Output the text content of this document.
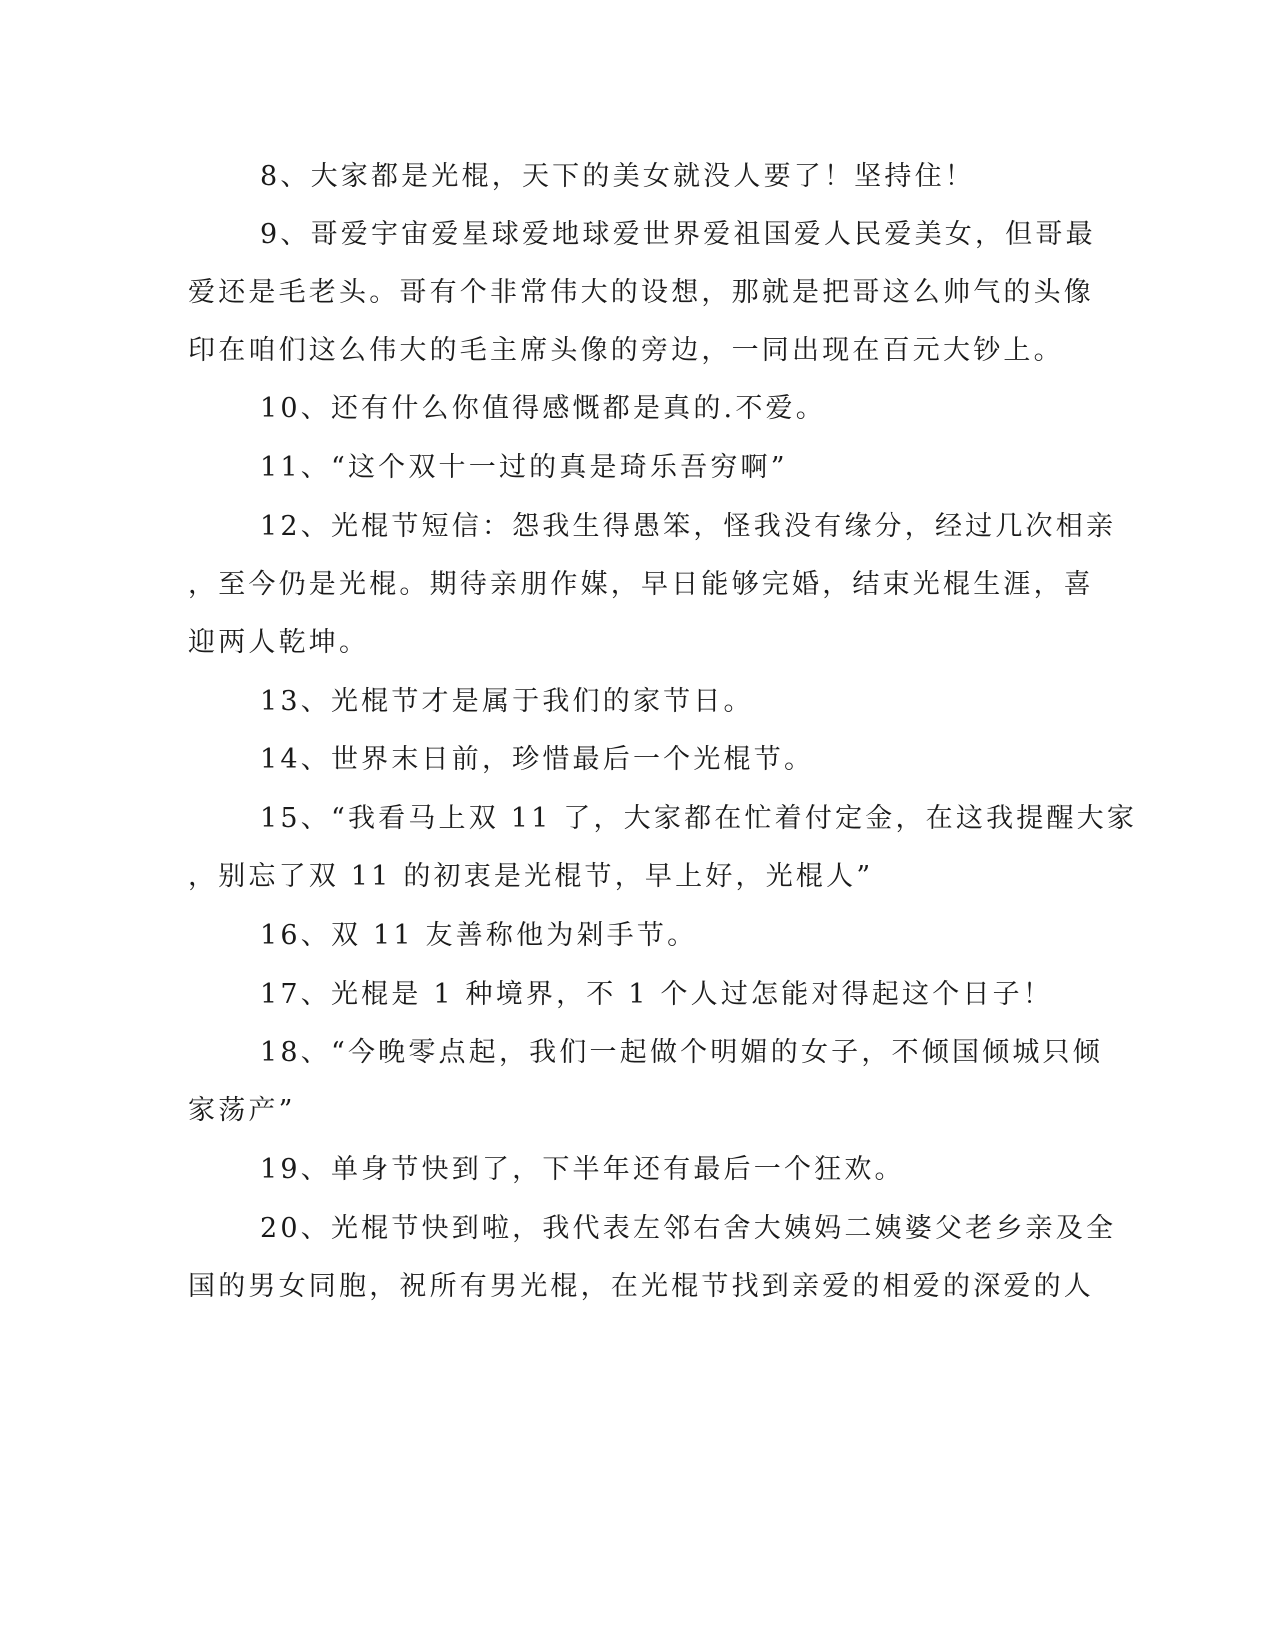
8、大家都是光棍，天下的美女就没人要了！坚持住！
9、哥爱宇宙爱星球爱地球爱世界爱祖国爱人民爱美女，但哥最
爱还是毛老头。哥有个非常伟大的设想，那就是把哥这么帅气的头像
印在咱们这么伟大的毛主席头像的旁边，一同出现在百元大钞上。
10、还有什么你值得感慨都是真的.不爱。
11、“这个双十一过的真是琦乐吾穷啊”
12、光棍节短信：怨我生得愚笨，怪我没有缘分，经过几次相亲
，至今仍是光棍。期待亲朋作媒，早日能够完婚，结束光棍生涯，喜
迎两人乾坤。
13、光棍节才是属于我们的家节日。
14、世界末日前，珍惜最后一个光棍节。
15、“我看马上双 11 了，大家都在忙着付定金，在这我提醒大家
，别忘了双 11 的初衷是光棍节，早上好，光棍人”
16、双 11 友善称他为剁手节。
17、光棍是 1 种境界，不 1 个人过怎能对得起这个日子！
18、“今晚零点起，我们一起做个明媚的女子，不倾国倾城只倾
家荡产”
19、单身节快到了，下半年还有最后一个狂欢。
20、光棍节快到啦，我代表左邻右舍大姨妈二姨婆父老乡亲及全
国的男女同胞，祝所有男光棍，在光棍节找到亲爱的相爱的深爱的人
